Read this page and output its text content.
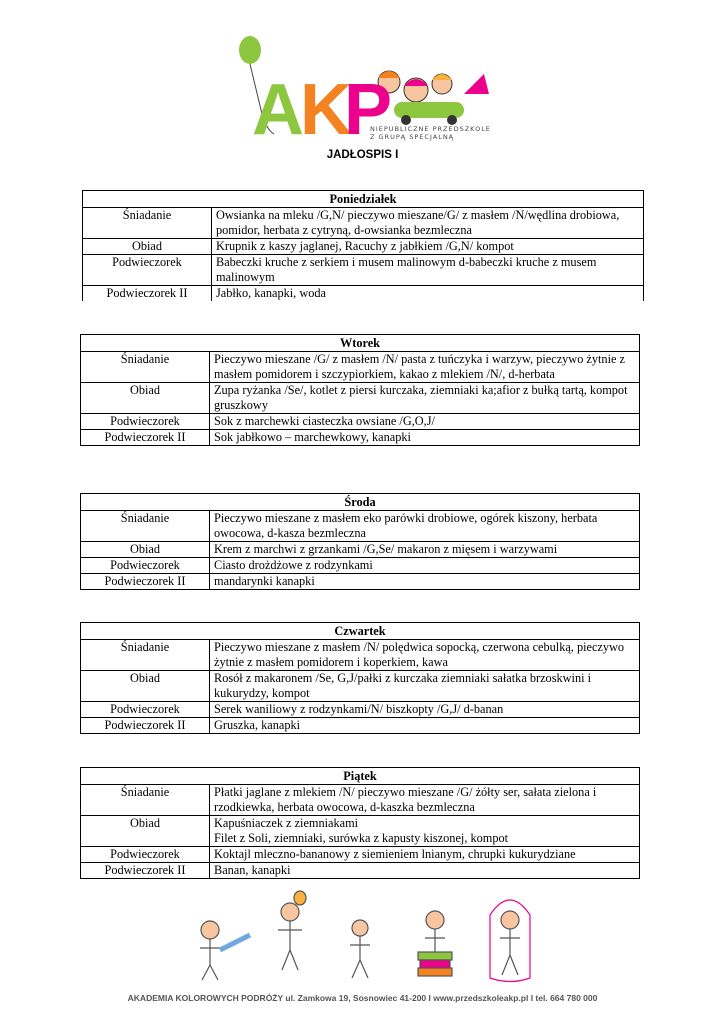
A
K
P
NIEPUBLICZNE PRZEDSZKOLE
Z GRUPĄ SPECJALNĄ
JADŁOSPIS I
Poniedziałek	
Śniadanie	Owsianka na mleku /G,N/ pieczywo mieszane/G/ z masłem /N/wędlina drobiowa, pomidor, herbata z cytryną, d-owsianka bezmleczna
Obiad	Krupnik z kaszy jaglanej, Racuchy z jabłkiem /G,N/ kompot
Podwieczorek	Babeczki kruche z serkiem i musem malinowym d-babeczki kruche z musem malinowym
Podwieczorek II	Jabłko, kanapki, woda
Wtorek	
Śniadanie	Pieczywo mieszane /G/ z masłem /N/ pasta z tuńczyka i warzyw, pieczywo żytnie z masłem pomidorem i szczypiorkiem, kakao z mlekiem /N/, d-herbata
Obiad	Zupa ryżanka /Se/, kotlet z piersi kurczaka, ziemniaki ka;afior z bułką tartą, kompot gruszkowy
Podwieczorek	Sok z marchewki ciasteczka owsiane /G,O,J/
Podwieczorek II	Sok jabłkowo – marchewkowy, kanapki
Środa	
Śniadanie	Pieczywo mieszane z masłem eko parówki drobiowe, ogórek kiszony, herbata owocowa, d-kasza bezmleczna
Obiad	Krem z marchwi z grzankami /G,Se/ makaron z mięsem i warzywami
Podwieczorek	Ciasto drożdżowe z rodzynkami
Podwieczorek II	mandarynki kanapki
Czwartek	
Śniadanie	Pieczywo mieszane z masłem /N/ polędwica sopocką, czerwona cebulką, pieczywo żytnie z masłem pomidorem i koperkiem, kawa
Obiad	Rosół z makaronem /Se, G,J/pałki z kurczaka ziemniaki sałatka brzoskwini i kukurydzy, kompot
Podwieczorek	Serek waniliowy z rodzynkami/N/ biszkopty /G,J/ d-banan
Podwieczorek II	Gruszka, kanapki
Piątek	
Śniadanie	Płatki jaglane z mlekiem /N/ pieczywo mieszane /G/ żółty ser, sałata zielona i rzodkiewka, herbata owocowa, d-kaszka bezmleczna
Obiad	Kapuśniaczek z ziemniakami
Filet z Soli, ziemniaki, surówka z kapusty kiszonej, kompot
Podwieczorek	Koktajl mleczno-bananowy z siemieniem lnianym, chrupki kukurydziane
Podwieczorek II	Banan, kanapki
AKADEMIA KOLOROWYCH PODRÓŻY ul. Zamkowa 19, Sosnowiec 41-200 I www.przedszkoleakp.pl I tel. 664 780 000
